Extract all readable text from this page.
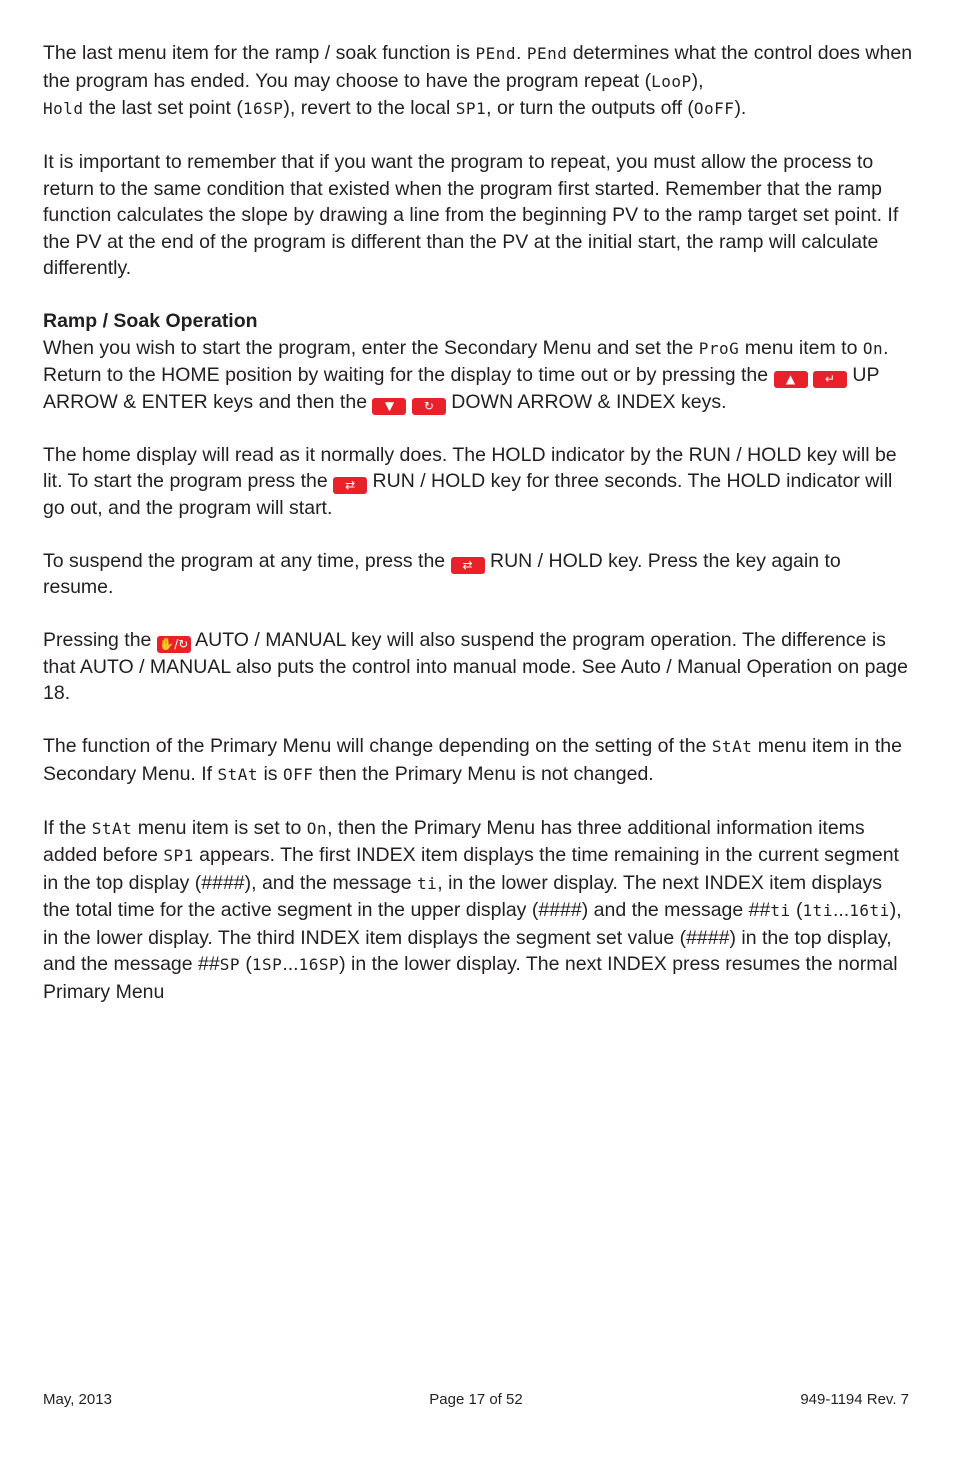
The last menu item for the ramp / soak function is PEnd. PEnd determines what the control does when the program has ended. You may choose to have the program repeat (LooP),
Hold the last set point (16SP), revert to the local SP1, or turn the outputs off (OoFF).

It is important to remember that if you want the program to repeat, you must allow the process to return to the same condition that existed when the program first started. Remember that the ramp function calculates the slope by drawing a line from the beginning PV to the ramp target set point. If the PV at the end of the program is different than the PV at the initial start, the ramp will calculate differently.

Ramp / Soak Operation

When you wish to start the program, enter the Secondary Menu and set the ProG menu item to On. Return to the HOME position by waiting for the display to time out or by pressing the ▲ ↵ UP ARROW & ENTER keys and then the ▼ ↻ DOWN ARROW & INDEX keys.

The home display will read as it normally does. The HOLD indicator by the RUN / HOLD key will be lit. To start the program press the ⇄ RUN / HOLD key for three seconds. The HOLD indicator will go out, and the program will start.

To suspend the program at any time, press the ⇄ RUN / HOLD key. Press the key again to resume.

Pressing the ✋/↻ AUTO / MANUAL key will also suspend the program operation. The difference is that AUTO / MANUAL also puts the control into manual mode. See Auto / Manual Operation on page 18.

The function of the Primary Menu will change depending on the setting of the StAt menu item in the Secondary Menu. If StAt is OFF then the Primary Menu is not changed.

If the StAt menu item is set to On, then the Primary Menu has three additional information items added before SP1 appears. The first INDEX item displays the time remaining in the current segment in the top display (####), and the message ti, in the lower display. The next INDEX item displays the total time for the active segment in the upper display (####) and the message ##ti (1ti...16ti), in the lower display. The third INDEX item displays the segment set value (####) in the top display, and the message ##SP (1SP...16SP) in the lower display. The next INDEX press resumes the normal Primary Menu

May, 2013	Page 17 of 52	949-1194 Rev. 7
